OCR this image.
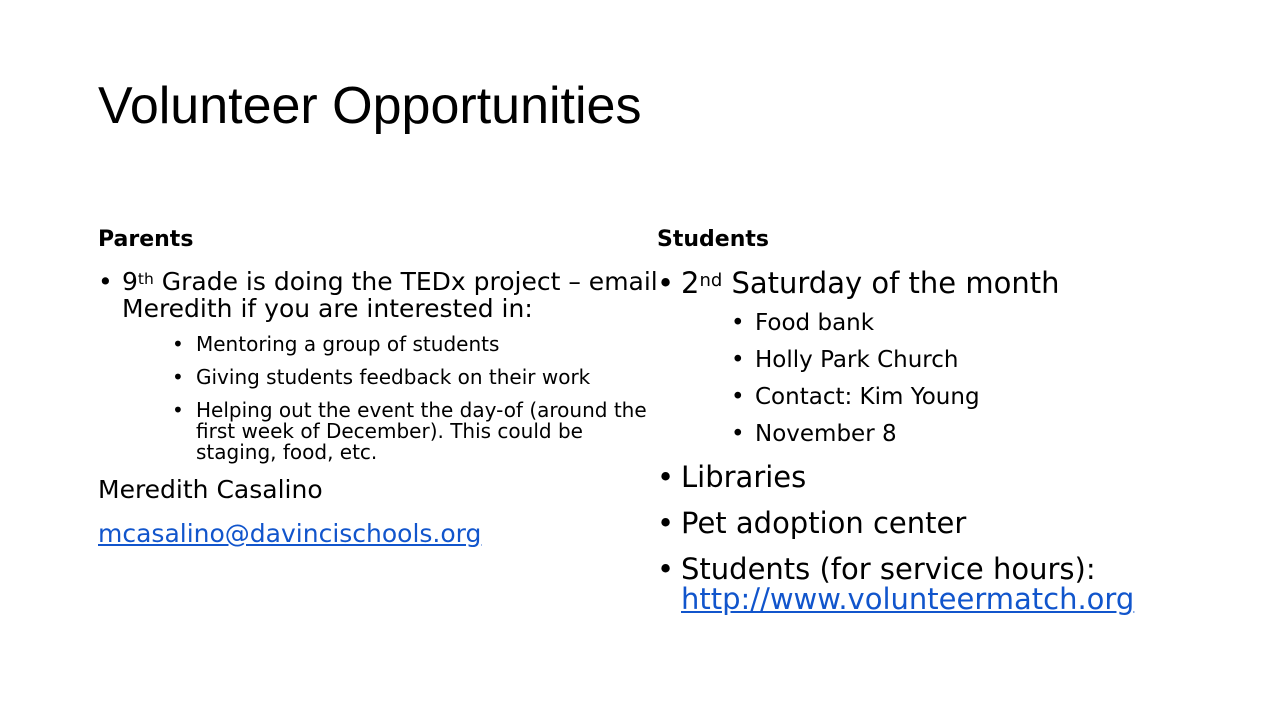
Volunteer Opportunities

Parents

• 9th Grade is doing the TEDx project – email Meredith if you are interested in:
• Mentoring a group of students
• Giving students feedback on their work
• Helping out the event the day-of (around the first week of December). This could be staging, food, etc.
Meredith Casalino
mcasalino@davincischools.org

Students

• 2nd Saturday of the month
• Food bank
• Holly Park Church
• Contact: Kim Young
• November 8
• Libraries
• Pet adoption center
• Students (for service hours):
http://www.volunteermatch.org
